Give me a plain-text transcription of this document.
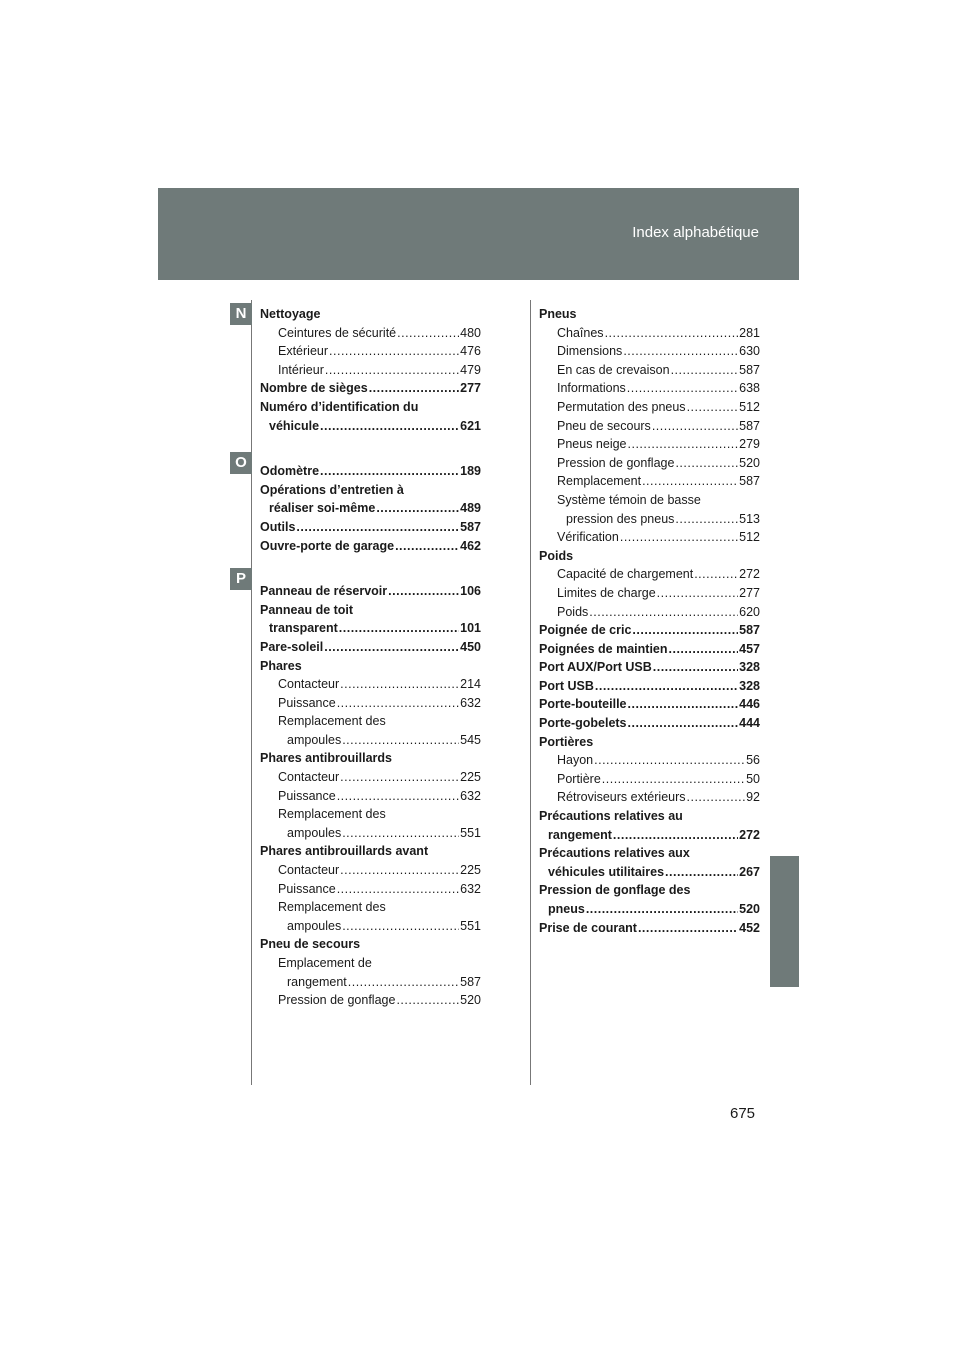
Index alphabétique
N
O
P
Nettoyage
Ceintures de sécurité .....	480
Extérieur .....	476
Intérieur .....	479
Nombre de sièges .....	277
Numéro d’identification du
véhicule .....	621
Odomètre .....	189
Opérations d’entretien à
réaliser soi-même .....	489
Outils .....	587
Ouvre-porte de garage .....	462
Panneau de réservoir .....	106
Panneau de toit
transparent .....	101
Pare-soleil .....	450
Phares
Contacteur .....	214
Puissance .....	632
Remplacement des
ampoules .....	545
Phares antibrouillards
Contacteur .....	225
Puissance .....	632
Remplacement des
ampoules .....	551
Phares antibrouillards avant
Contacteur .....	225
Puissance .....	632
Remplacement des
ampoules .....	551
Pneu de secours
Emplacement de
rangement .....	587
Pression de gonflage .....	520
Pneus
Chaînes .....	281
Dimensions .....	630
En cas de crevaison .....	587
Informations .....	638
Permutation des pneus .....	512
Pneu de secours .....	587
Pneus neige .....	279
Pression de gonflage .....	520
Remplacement .....	587
Système témoin de basse
pression des pneus .....	513
Vérification .....	512
Poids
Capacité de chargement .....	272
Limites de charge .....	277
Poids .....	620
Poignée de cric .....	587
Poignées de maintien .....	457
Port AUX/Port USB .....	328
Port USB .....	328
Porte-bouteille .....	446
Porte-gobelets .....	444
Portières
Hayon .....	56
Portière .....	50
Rétroviseurs extérieurs .....	92
Précautions relatives au
rangement .....	272
Précautions relatives aux
véhicules utilitaires .....	267
Pression de gonflage des
pneus .....	520
Prise de courant .....	452
675
